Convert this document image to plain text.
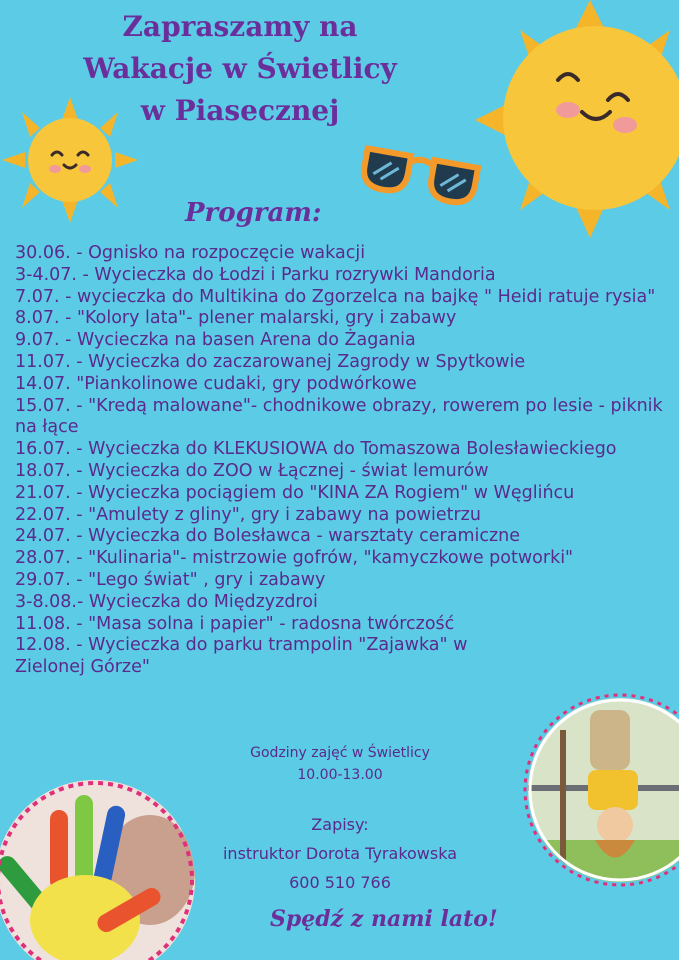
Zapraszamy na
Wakacje w Świetlicy
w Piasecznej
Program:
30.06. - Ognisko na rozpoczęcie wakacji
3-4.07. - Wycieczka do Łodzi i Parku rozrywki Mandoria
7.07. - wycieczka do Multikina do Zgorzelca na bajkę " Heidi ratuje rysia"
8.07. - "Kolory lata"- plener malarski, gry i zabawy
9.07. - Wycieczka na basen Arena do Żagania
11.07. - Wycieczka do zaczarowanej Zagrody w Spytkowie
14.07. "Piankolinowe cudaki, gry podwórkowe
15.07. - "Kredą malowane"- chodnikowe obrazy, rowerem po lesie - piknik na łące
16.07. - Wycieczka do KLEKUSIOWA do Tomaszowa Bolesławieckiego
18.07. - Wycieczka do ZOO w Łącznej - świat lemurów
21.07. - Wycieczka pociągiem do "KINA ZA Rogiem" w Węglińcu
22.07. - "Amulety z gliny", gry i zabawy na powietrzu
24.07. - Wycieczka do Bolesławca - warsztaty ceramiczne
28.07. - "Kulinaria"- mistrzowie gofrów, "kamyczkowe potworki"
29.07. - "Lego świat" , gry i zabawy
3-8.08.- Wycieczka do Międzyzdroi
11.08. - "Masa solna i papier" - radosna twórczość
12.08. - Wycieczka do parku trampolin "Zajawka" w Zielonej Górze"
Godziny zajęć w Świetlicy
10.00-13.00
Zapisy:
instruktor Dorota Tyrakowska
600 510 766
Spędź z nami lato!
